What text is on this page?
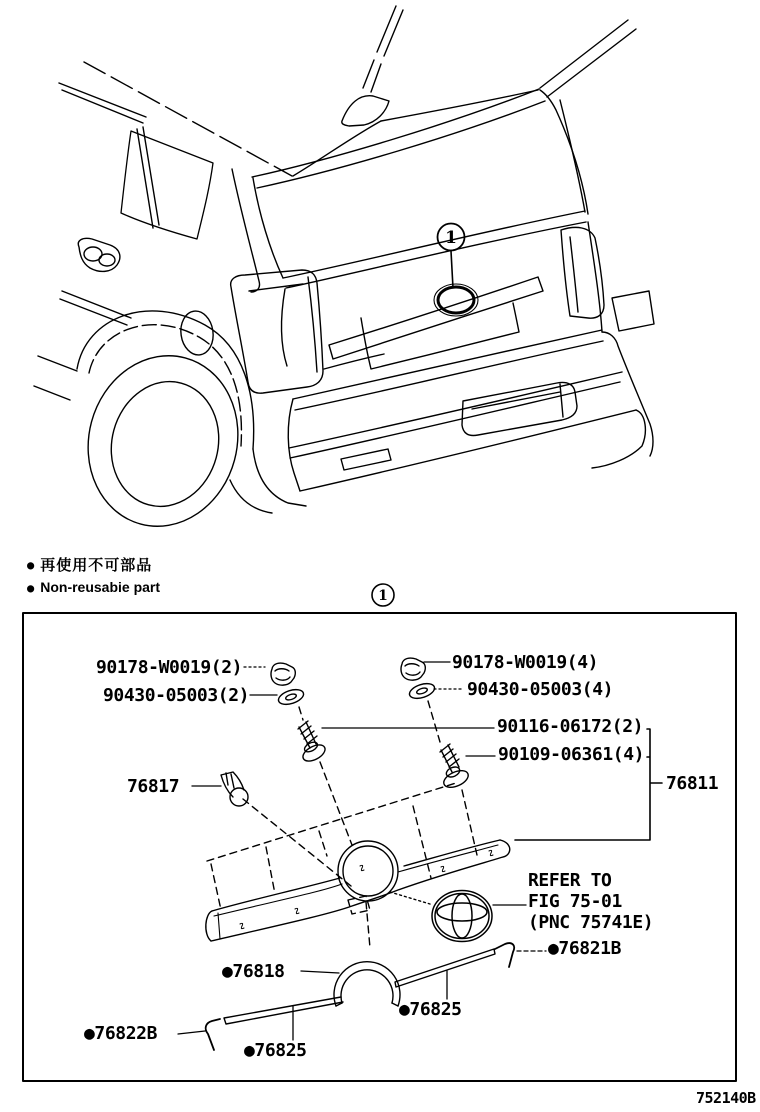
1
1
● 再使用不可部品
● Non-reusabie part
90178-W0019(2)
90430-05003(2)
90178-W0019(4)
90430-05003(4)
90116-06172(2)
90109-06361(4)
76811
76817
REFER TO
FIG 75-01
(PNC 75741E)
●76821B
●76818
●76825
●76822B
●76825
752140B
